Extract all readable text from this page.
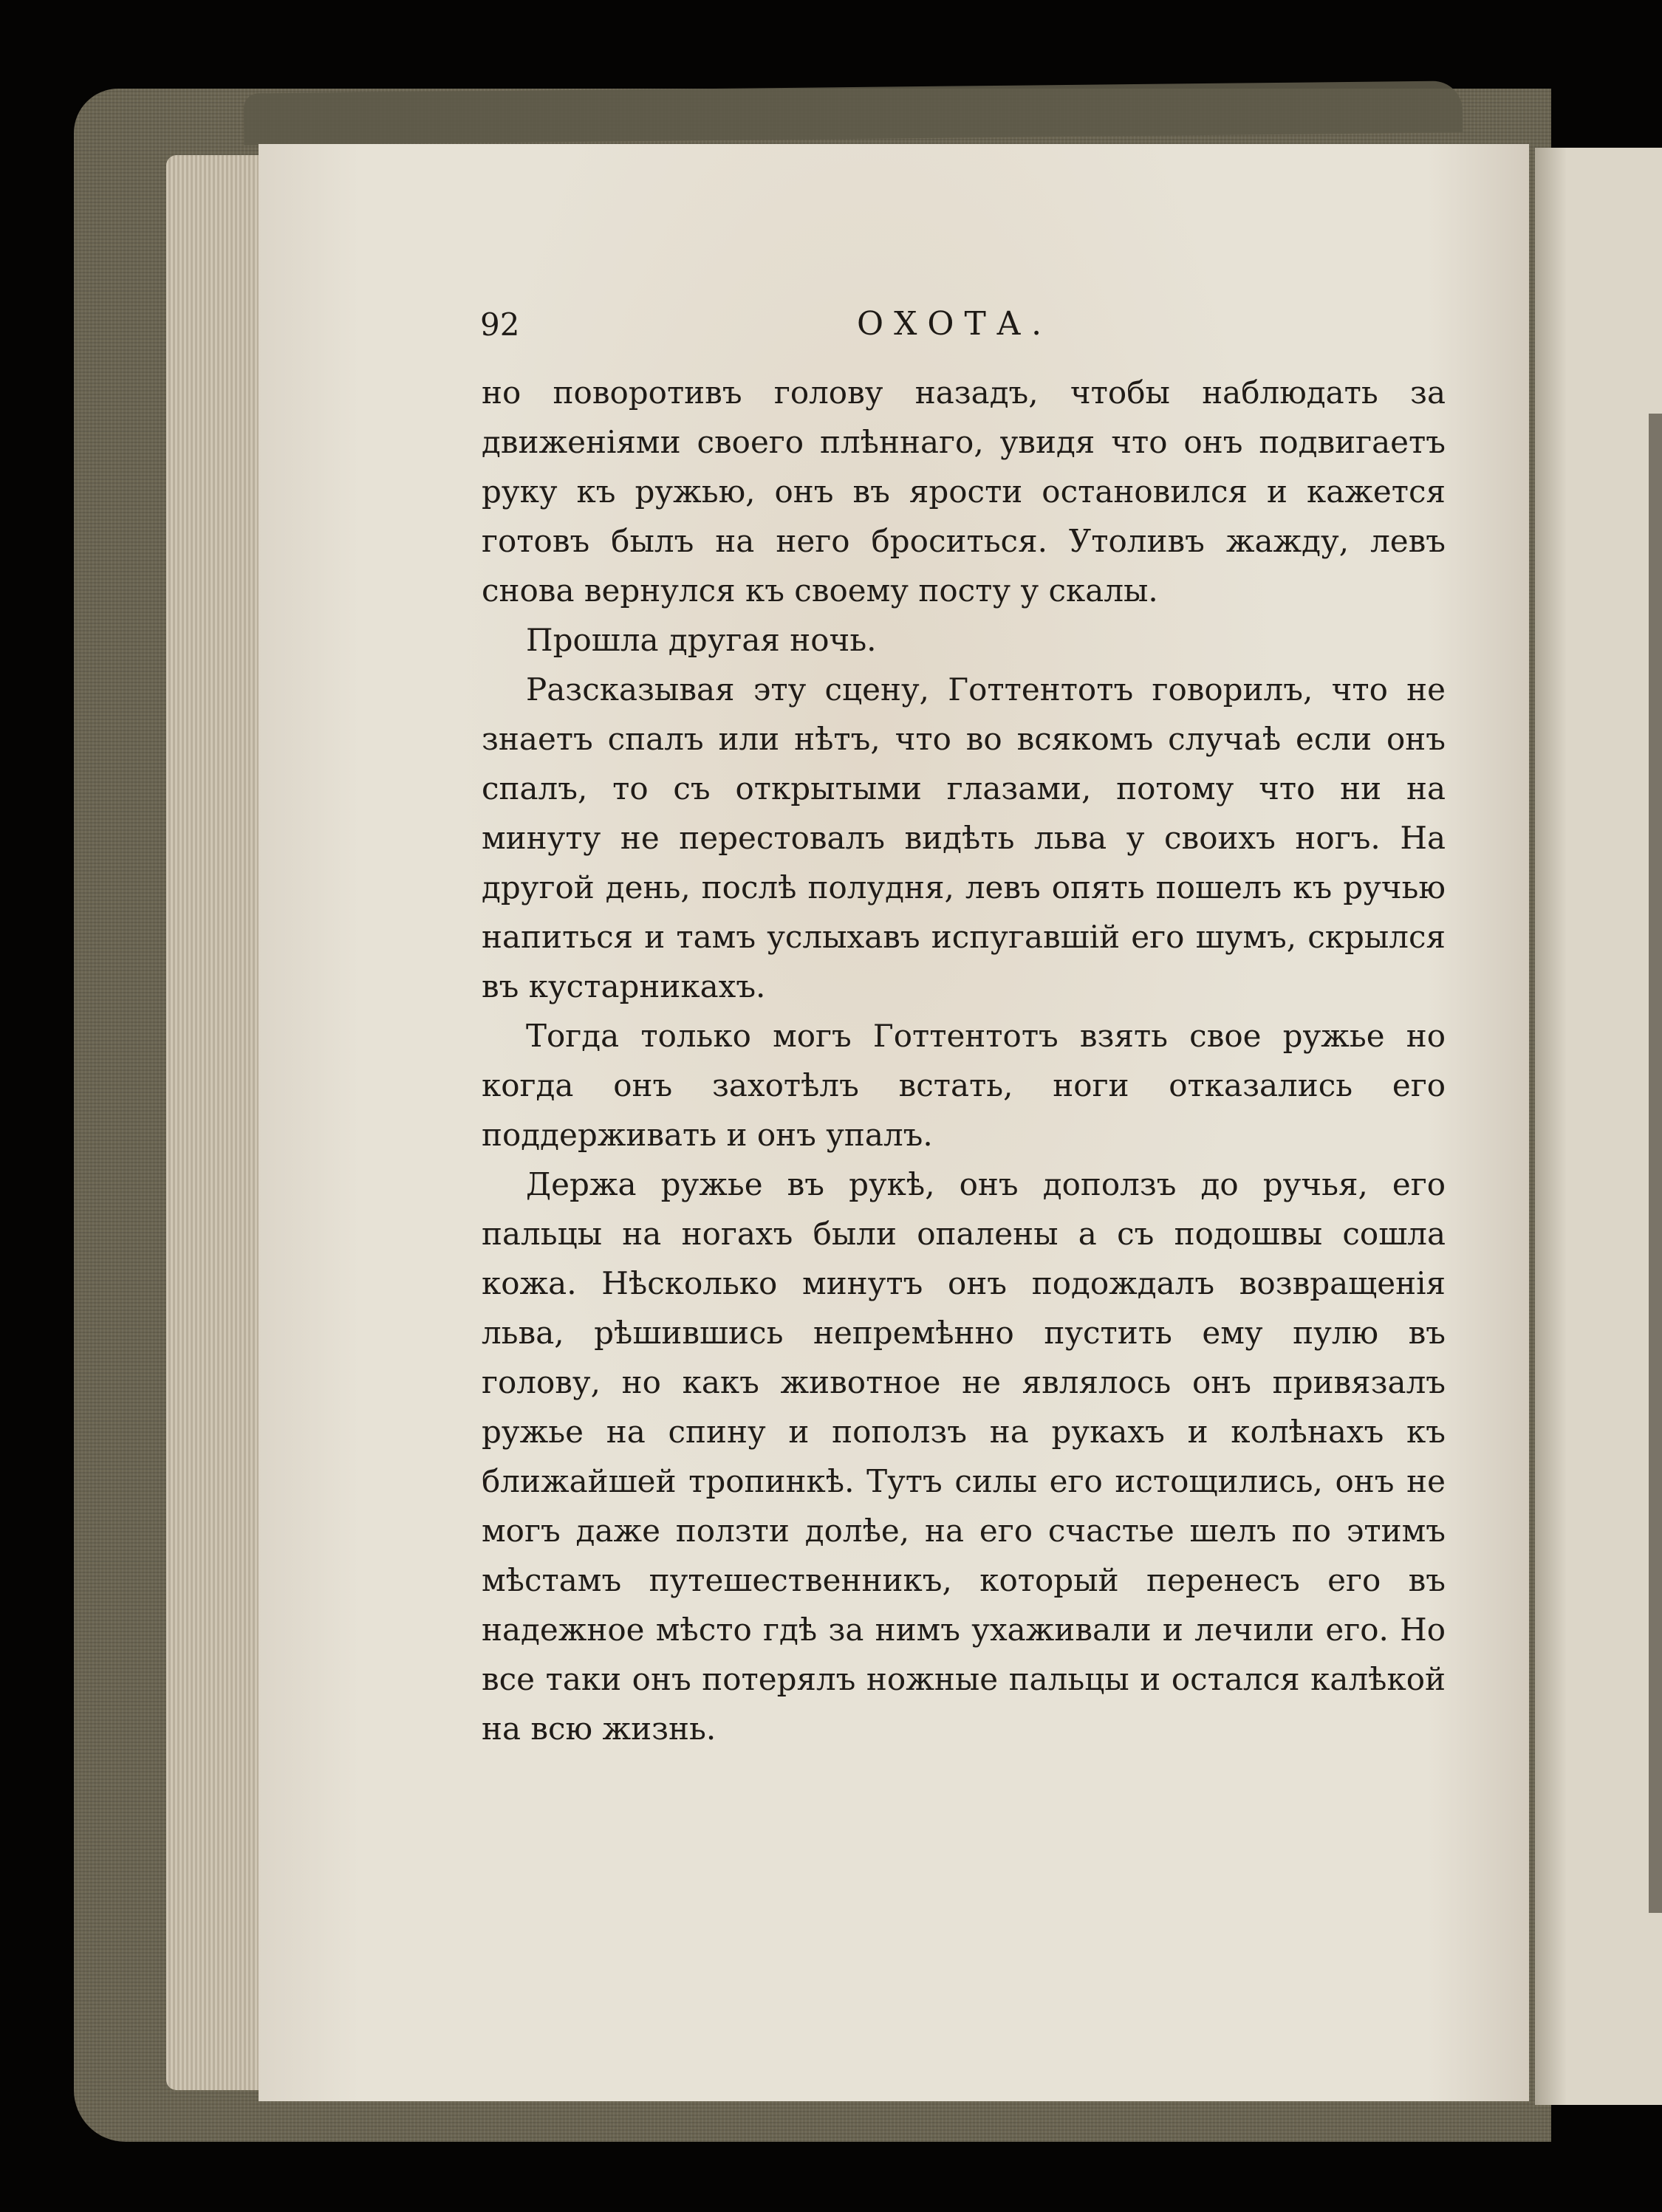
92	ОХОТА.

но поворотивъ голову назадъ, чтобы наблюдать за движеніями своего плѣннаго, увидя что онъ подвигаетъ руку къ ружью, онъ въ ярости остановился и кажется готовъ былъ на него броситься. Утоливъ жажду, левъ снова вернулся къ своему посту у скалы.

Прошла другая ночь.

Разсказывая эту сцену, Готтентотъ говорилъ, что не знаетъ спалъ или нѣтъ, что во всякомъ случаѣ если онъ спалъ, то съ открытыми глазами, потому что ни на минуту не перестовалъ видѣть льва у своихъ ногъ. На другой день, послѣ полудня, левъ опять пошелъ къ ручью напиться и тамъ услыхавъ испугавшій его шумъ, скрылся въ кустарникахъ.

Тогда только могъ Готтентотъ взять свое ружье но когда онъ захотѣлъ встать, ноги отказались его поддерживать и онъ упалъ.

Держа ружье въ рукѣ, онъ доползъ до ручья, его пальцы на ногахъ были опалены а съ подошвы сошла кожа. Нѣсколько минутъ онъ подождалъ возвращенія льва, рѣшившись непремѣнно пустить ему пулю въ голову, но какъ животное не являлось онъ привязалъ ружье на спину и поползъ на рукахъ и колѣнахъ къ ближайшей тропинкѣ. Тутъ силы его истощились, онъ не могъ даже ползти долѣе, на его счастье шелъ по этимъ мѣстамъ путешественникъ, который перенесъ его въ надежное мѣсто гдѣ за нимъ ухаживали и лечили его. Но все таки онъ потерялъ ножные пальцы и остался калѣкой на всю жизнь.
